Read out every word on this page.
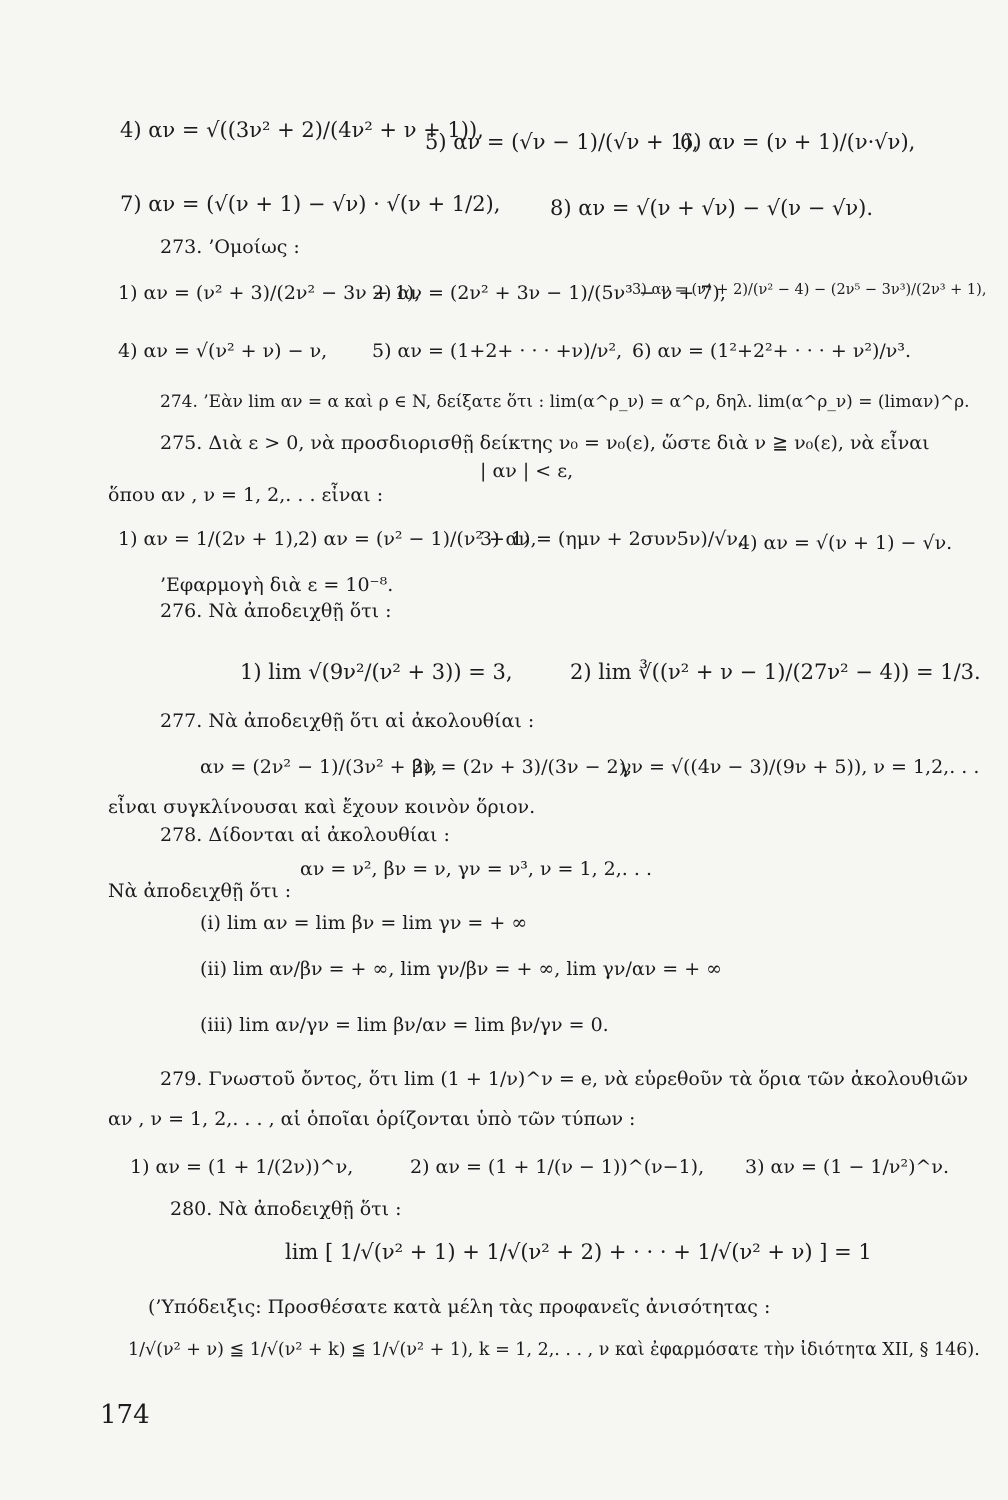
4) αν = √((3ν² + 2)/(4ν² + ν + 1)),
5) αν = (√ν − 1)/(√ν + 1),
6) αν = (ν + 1)/(ν·√ν),
7) αν = (√(ν + 1) − √ν) · √(ν + 1/2), 8) αν = √(ν + √ν) − √(ν − √ν).
273. ’Ομοίως :
1) αν = (ν² + 3)/(2ν² − 3ν + 1),
2) αν = (2ν² + 3ν − 1)/(5ν³ − ν + 7),
3) αν = (ν⁴ + 2)/(ν² − 4) − (2ν⁵ − 3ν³)/(2ν³ + 1),
4) αν = √(ν² + ν) − ν, 5) αν = (1+2+ · · · +ν)/ν², 6) αν = (1²+2²+ · · · + ν²)/ν³.
274. ’Εὰν lim αν = α καὶ ρ ∈ N, δείξατε ὅτι : lim(α^ρ_ν) = α^ρ, δηλ. lim(α^ρ_ν) = (limαν)^ρ.
275. Διὰ ε > 0, νὰ προσδιορισθῇ δείκτης ν₀ = ν₀(ε), ὥστε διὰ ν ≧ ν₀(ε), νὰ εἶναι
| αν | < ε,
ὅπου αν , ν = 1, 2,. . . εἶναι :
1) αν = 1/(2ν + 1),
2) αν = (ν² − 1)/(ν² + 1),
3) αν = (ημν + 2συν5ν)/√ν,
4) αν = √(ν + 1) − √ν.
’Εφαρμογὴ διὰ ε = 10⁻⁸.
276. Νὰ ἀποδειχθῇ ὅτι :
1) lim √(9ν²/(ν² + 3)) = 3,	2) lim ∛((ν² + ν − 1)/(27ν² − 4)) = 1/3.
277. Νὰ ἀποδειχθῇ ὅτι αἱ ἀκολουθίαι :
αν = (2ν² − 1)/(3ν² + 2),
βν = (2ν + 3)/(3ν − 2),
γν = √((4ν − 3)/(9ν + 5)), ν = 1,2,. . .
εἶναι συγκλίνουσαι καὶ ἔχουν κοινὸν ὅριον.
278. Δίδονται αἱ ἀκολουθίαι :
αν = ν², βν = ν, γν = ν³, ν = 1, 2,. . .
Νὰ ἀποδειχθῇ ὅτι :
(i) lim αν = lim βν = lim γν = + ∞
(ii) lim αν/βν = + ∞, lim γν/βν = + ∞, lim γν/αν = + ∞
(iii) lim αν/γν = lim βν/αν = lim βν/γν = 0.
279. Γνωστοῦ ὄντος, ὅτι lim (1 + 1/ν)^ν = e, νὰ εὑρεθοῦν τὰ ὅρια τῶν ἀκολουθιῶν
αν , ν = 1, 2,. . . , αἱ ὁποῖαι ὁρίζονται ὑπὸ τῶν τύπων :
1) αν = (1 + 1/(2ν))^ν,	2) αν = (1 + 1/(ν − 1))^(ν−1), 3) αν = (1 − 1/ν²)^ν.
280. Νὰ ἀποδειχθῇ ὅτι :
lim [ 1/√(ν² + 1) + 1/√(ν² + 2) + · · · + 1/√(ν² + ν) ] = 1
(’Υπόδειξις: Προσθέσατε κατὰ μέλη τὰς προφανεῖς ἀνισότητας :
1/√(ν² + ν) ≦ 1/√(ν² + k) ≦ 1/√(ν² + 1), k = 1, 2,. . . , ν καὶ ἐφαρμόσατε τὴν ἰδιότητα XII, § 146).
174
